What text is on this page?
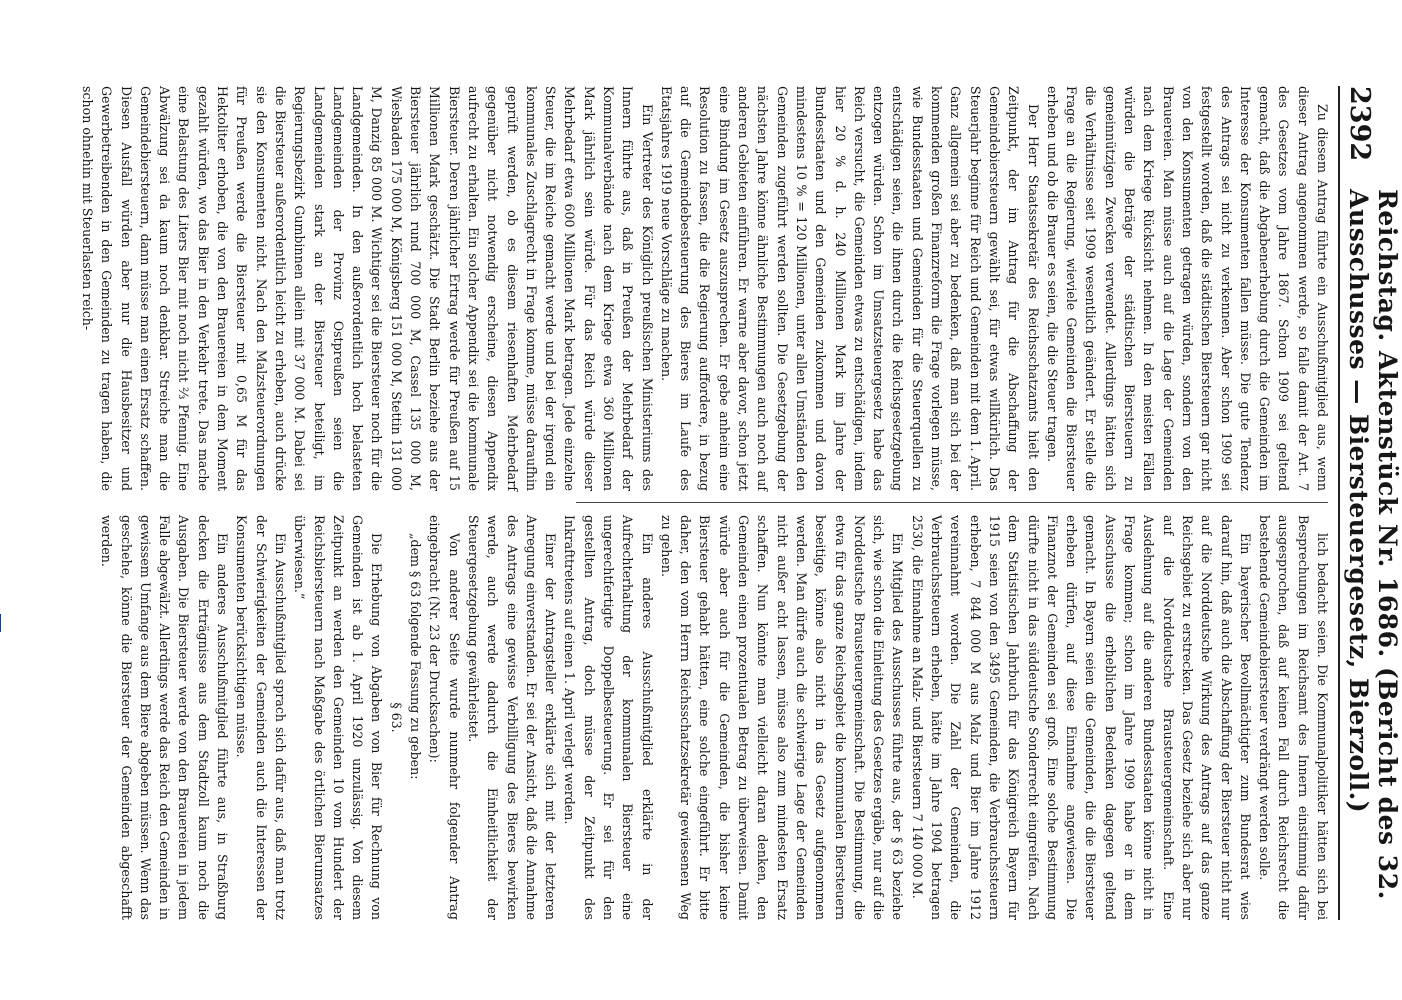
2392
Reichstag. Aktenstück Nr. 1686. (Bericht des 32. Ausschusses — Biersteuergesetz, Bierzoll.)

Zu diesem Antrag führte ein Ausschußmitglied aus, wenn dieser Antrag angenommen werde, so falle damit der Art. 7 des Gesetzes vom Jahre 1867. Schon 1909 sei geltend gemacht, daß die Abgabenerhebung durch die Gemeinden im Interesse der Konsumenten fallen müsse. Die gute Tendenz des Antrags sei nicht zu verkennen. Aber schon 1909 sei festgestellt worden, daß die städtischen Biersteuern gar nicht von den Konsumenten getragen würden, sondern von den Brauereien. Man müsse auch auf die Lage der Gemeinden nach dem Kriege Rücksicht nehmen. In den meisten Fällen würden die Beträge der städtischen Biersteuern zu gemeinnützigen Zwecken verwendet. Allerdings hätten sich die Verhältnisse seit 1909 wesentlich geändert. Er stelle die Frage an die Regierung, wieviele Gemeinden die Biersteuer erheben und ob die Brauer es seien, die die Steuer tragen.

Der Herr Staatssekretär des Reichsschatzamts hielt den Zeitpunkt, der im Antrag für die Abschaffung der Gemeindebiersteuern gewählt sei, für etwas willkürlich. Das Steuerjahr beginne für Reich und Gemeinden mit dem 1. April. Ganz allgemein sei aber zu bedenken, daß man sich bei der kommenden großen Finanzreform die Frage vorlegen müsse, wie Bundesstaaten und Gemeinden für die Steuerquellen zu entschädigen seien, die ihnen durch die Reichsgesetzgebung entzogen würden. Schon im Umsatzsteuergesetz habe das Reich versucht, die Gemeinden etwas zu entschädigen, indem hier 20 % d. h. 240 Millionen Mark im Jahre der Bundesstaaten und den Gemeinden zukommen und davon mindestens 10 % = 120 Millionen, unter allen Umständen den Gemeinden zugeführt werden sollten. Die Gesetzgebung der nächsten Jahre könne ähnliche Bestimmungen auch noch auf anderen Gebieten einführen. Er warne aber davor, schon jetzt eine Bindung im Gesetz auszusprechen. Er gebe anheim eine Resolution zu fassen, die die Regierung auffordere, in bezug auf die Gemeindebesteuerung des Bieres im Laufe des Etatsjahres 1919 neue Vorschläge zu machen.

Ein Vertreter des Königlich preußischen Ministeriums des Innern führte aus, daß in Preußen der Mehrbedarf der Kommunalverbände nach dem Kriege etwa 360 Millionen Mark jährlich sein würde. Für das Reich würde dieser Mehrbedarf etwa 600 Millionen Mark betragen. Jede einzelne Steuer, die im Reiche gemacht werde und bei der irgend ein kommunales Zuschlagrecht in Frage komme, müsse daraufhin geprüft werden, ob es diesem riesenhaften Mehrbedarf gegenüber nicht notwendig erscheine, diesen Appendix aufrecht zu erhalten. Ein solcher Appendix sei die kommunale Biersteuer. Deren jährlicher Ertrag werde für Preußen auf 15 Millionen Mark geschätzt. Die Stadt Berlin beziehe aus der Biersteuer jährlich rund 700 000 M, Cassel 135 000 M, Wiesbaden 175 000 M, Königsberg 151 000 M, Stettin 131 000 M, Danzig 85 000 M. Wichtiger sei die Biersteuer noch für die Landgemeinden. In den außerordentlich hoch belasteten Landgemeinden der Provinz Ostpreußen seien die Landgemeinden stark an der Biersteuer beteiligt, im Regierungsbezirk Gumbinnen allein mit 37 000 M. Dabei sei die Biersteuer außerordentlich leicht zu erheben, auch drücke sie den Konsumenten nicht. Nach den Malzsteuerordnungen für Preußen werde die Biersteuer mit 0,65 M für das Hektoliter erhoben, die von den Brauereien in dem Moment gezahlt würden, wo das Bier in den Verkehr trete. Das mache eine Belastung des Liters Bier mit noch nicht ⅔ Pfennig. Eine Abwälzung sei da kaum noch denkbar. Streiche man die Gemeindebiersteuern, dann müsse man einen Ersatz schaffen. Diesen Ausfall würden aber nur die Hausbesitzer und Gewerbetreibenden in den Gemeinden zu tragen haben, die schon ohnehin mit Steuerlasten reich-

lich bedacht seien. Die Kommunalpolitiker hätten sich bei Besprechungen im Reichsamt des Innern einstimmig dafür ausgesprochen, daß auf keinen Fall durch Reichsrecht die bestehende Gemeindebiersteuer verdrängt werden solle.

Ein bayerischer Bevollmächtigter zum Bundesrat wies darauf hin, daß auch die Abschaffung der Biersteuer nicht nur auf die Norddeutsche Wirkung des Antrags auf das ganze Reichsgebiet zu erstrecken. Das Gesetz beziehe sich aber nur auf die Norddeutsche Brausteuergemeinschaft. Eine Ausdehnung auf die anderen Bundesstaaten könne nicht in Frage kommen; schon im Jahre 1909 habe er in dem Ausschusse die erheblichen Bedenken dagegen geltend gemacht. In Bayern seien die Gemeinden, die die Biersteuer erheben dürfen, auf diese Einnahme angewiesen. Die Finanznot der Gemeinden sei groß. Eine solche Bestimmung dürfte nicht in das süddeutsche Sonderrecht eingreifen. Nach dem Statistischen Jahrbuch für das Königreich Bayern für 1915 seien von den 3495 Gemeinden, die Verbrauchssteuern erheben, 7 844 000 M aus Malz und Bier im Jahre 1912 vereinnahmt worden. Die Zahl der Gemeinden, die Verbrauchssteuern erheben, hätte im Jahre 1904 betragen 2530, die Einnahme an Malz- und Biersteuern 7 140 000 M.

Ein Mitglied des Ausschusses führte aus, der § 63 beziehe sich, wie schon die Einleitung des Gesetzes ergäbe, nur auf die Norddeutsche Brausteuergemeinschaft. Die Bestimmung, die etwa für das ganze Reichsgebiet die kommunalen Biersteuern beseitige, könne also nicht in das Gesetz aufgenommen werden. Man dürfe auch die schwierige Lage der Gemeinden nicht außer acht lassen, müsse also zum mindesten Ersatz schaffen. Nun könnte man vielleicht daran denken, den Gemeinden einen prozentualen Betrag zu überweisen. Damit würde aber auch für die Gemeinden, die bisher keine Biersteuer gehabt hätten, eine solche eingeführt. Er bitte daher, den vom Herrn Reichsschatzsekretär gewiesenen Weg zu gehen.

Ein anderes Ausschußmitglied erklärte in der Aufrechterhaltung der kommunalen Biersteuer eine ungerechtfertigte Doppelbesteuerung. Er sei für den gestellten Antrag, doch müsse der Zeitpunkt des Inkrafttretens auf einen 1. April verlegt werden.

Einer der Antragsteller erklärte sich mit der letzteren Anregung einverstanden. Er sei der Ansicht, daß die Annahme des Antrags eine gewisse Verbilligung des Bieres bewirken werde, auch werde dadurch die Einheitlichkeit der Steuergesetzgebung gewährleistet.

Von anderer Seite wurde nunmehr folgender Antrag eingebracht (Nr. 23 der Drucksachen):

„dem § 63 folgende Fassung zu geben:

§ 63.

Die Erhebung von Abgaben von Bier für Rechnung von Gemeinden ist ab 1. April 1920 unzulässig. Von diesem Zeitpunkt an werden den Gemeinden 10 vom Hundert der Reichsbiersteuern nach Maßgabe des örtlichen Bierumsatzes überwiesen.“

Ein Ausschußmitglied sprach sich dafür aus, daß man trotz der Schwierigkeiten der Gemeinden auch die Interessen der Konsumenten berücksichtigen müsse.

Ein anderes Ausschußmitglied führte aus, in Straßburg decken die Erträgnisse aus dem Stadtzoll kaum noch die Ausgaben. Die Biersteuer werde von den Brauereien in jedem Falle abgewälzt. Allerdings werde das Reich den Gemeinden in gewissem Umfange aus dem Biere abgeben müssen. Wenn das geschehe, könne die Biersteuer der Gemeinden abgeschafft werden.
